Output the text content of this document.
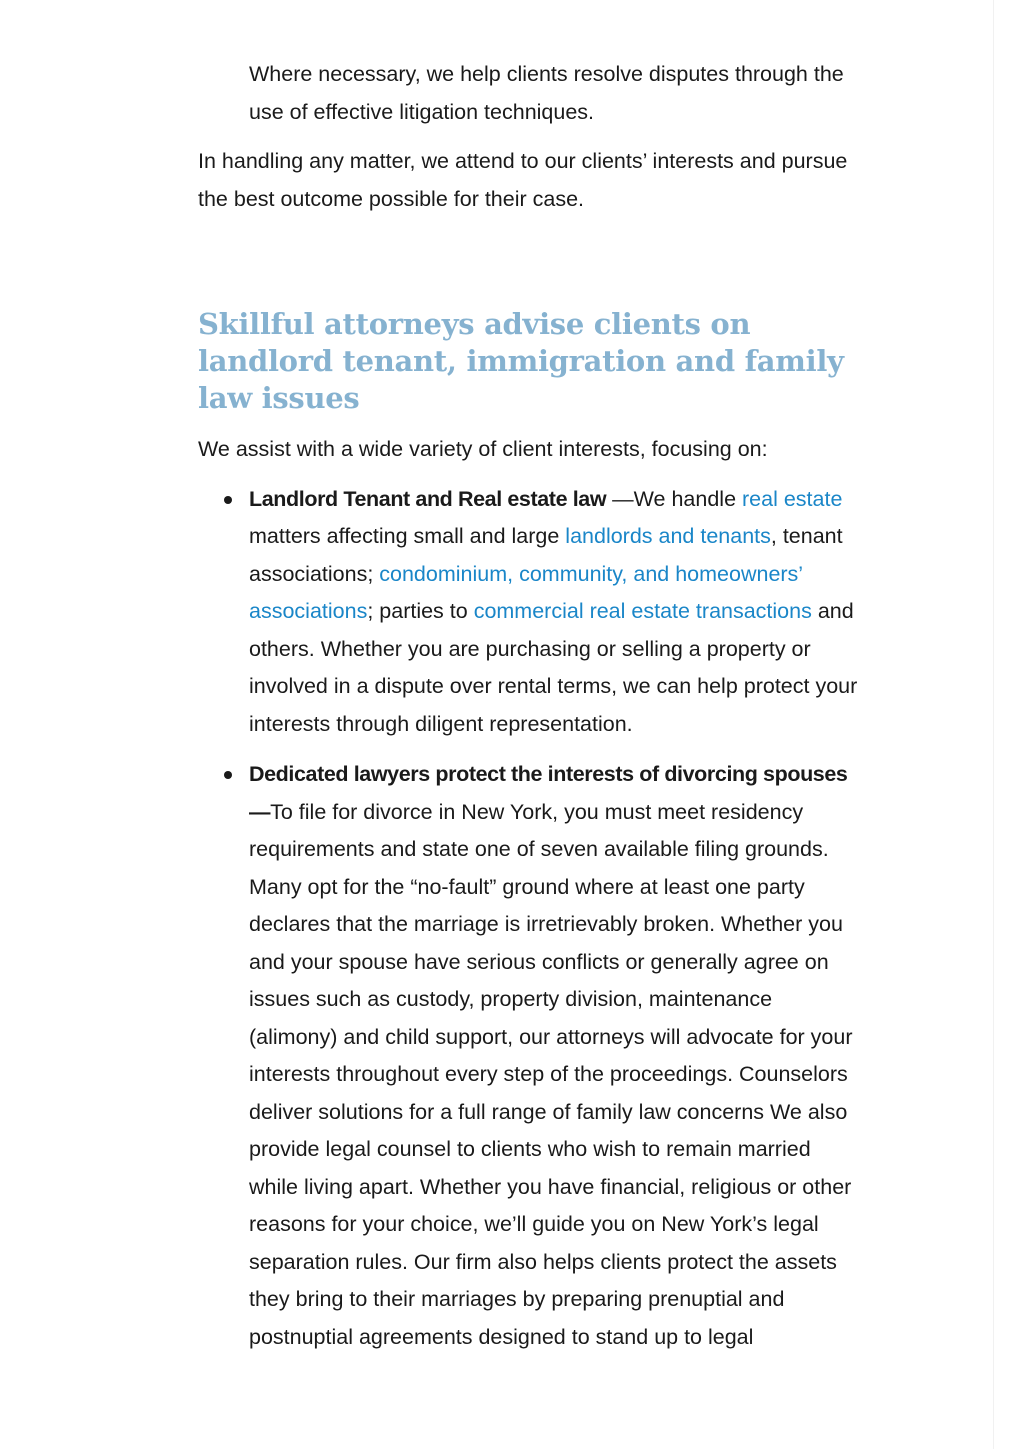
Where necessary, we help clients resolve disputes through the use of effective litigation techniques.

In handling any matter, we attend to our clients’ interests and pursue the best outcome possible for their case.

Skillful attorneys advise clients on landlord tenant, immigration and family law issues

We assist with a wide variety of client interests, focusing on:

Landlord Tenant and Real estate law —We handle real estate matters affecting small and large landlords and tenants, tenant associations; condominium, community, and homeowners’ associations; parties to commercial real estate transactions and others. Whether you are purchasing or selling a property or involved in a dispute over rental terms, we can help protect your interests through diligent representation.
Dedicated lawyers protect the interests of divorcing spouses—To file for divorce in New York, you must meet residency requirements and state one of seven available filing grounds. Many opt for the “no-fault” ground where at least one party declares that the marriage is irretrievably broken. Whether you and your spouse have serious conflicts or generally agree on issues such as custody, property division, maintenance (alimony) and child support, our attorneys will advocate for your interests throughout every step of the proceedings. Counselors deliver solutions for a full range of family law concerns We also provide legal counsel to clients who wish to remain married while living apart. Whether you have financial, religious or other reasons for your choice, we’ll guide you on New York’s legal separation rules. Our firm also helps clients protect the assets they bring to their marriages by preparing prenuptial and postnuptial agreements designed to stand up to legal
